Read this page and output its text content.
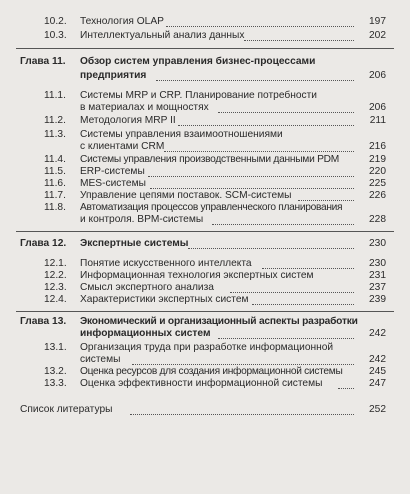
10.2. Технология OLAP	197
10.3. Интеллектуальный анализ данных	202
Глава 11. Обзор систем управления бизнес-процессами
предприятия	206
11.1. Системы MRP и CRP. Планирование потребности
в материалах и мощностях	206
11.2. Методология MRP II	211
11.3. Системы управления взаимоотношениями
с клиентами CRM	216
11.4. Системы управления производственными данными PDM	219
11.5. ERP-системы	220
11.6. MES-системы	225
11.7. Управление цепями поставок. SCM-системы	226
11.8. Автоматизация процессов управленческого планирования
и контроля. BPM-системы	228
Глава 12. Экспертные системы	230
12.1. Понятие искусственного интеллекта	230
12.2. Информационная технология экспертных систем	231
12.3. Смысл экспертного анализа	237
12.4. Характеристики экспертных систем	239
Глава 13. Экономический и организационный аспекты разработки
информационных систем	242
13.1. Организация труда при разработке информационной
системы	242
13.2. Оценка ресурсов для создания информационной системы	245
13.3. Оценка эффективности информационной системы	247
Список литературы	252
